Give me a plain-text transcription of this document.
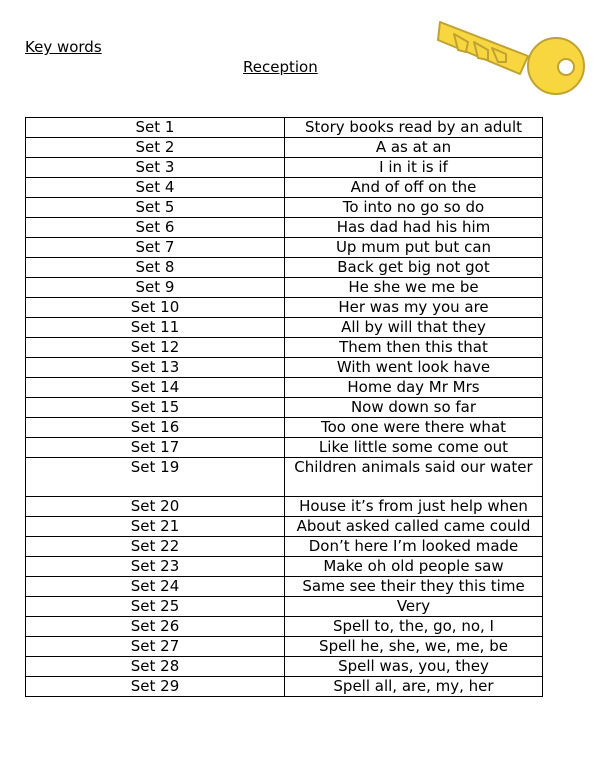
Key words
Reception
Set 1	Story books read by an adult
Set 2	A as at an
Set 3	I in it is if
Set 4	And of off on the
Set 5	To into no go so do
Set 6	Has dad had his him
Set 7	Up mum put but can
Set 8	Back get big not got
Set 9	He she we me be
Set 10	Her was my you are
Set 11	All by will that they
Set 12	Them then this that
Set 13	With went look have
Set 14	Home day Mr Mrs
Set 15	Now down so far
Set 16	Too one were there what
Set 17	Like little some come out
Set 19	Children animals said our water
Set 20	House it’s from just help when
Set 21	About asked called came could
Set 22	Don’t here I’m looked made
Set 23	Make oh old people saw
Set 24	Same see their they this time
Set 25	Very
Set 26	Spell to, the, go, no, I
Set 27	Spell he, she, we, me, be
Set 28	Spell was, you, they
Set 29	Spell all, are, my, her
